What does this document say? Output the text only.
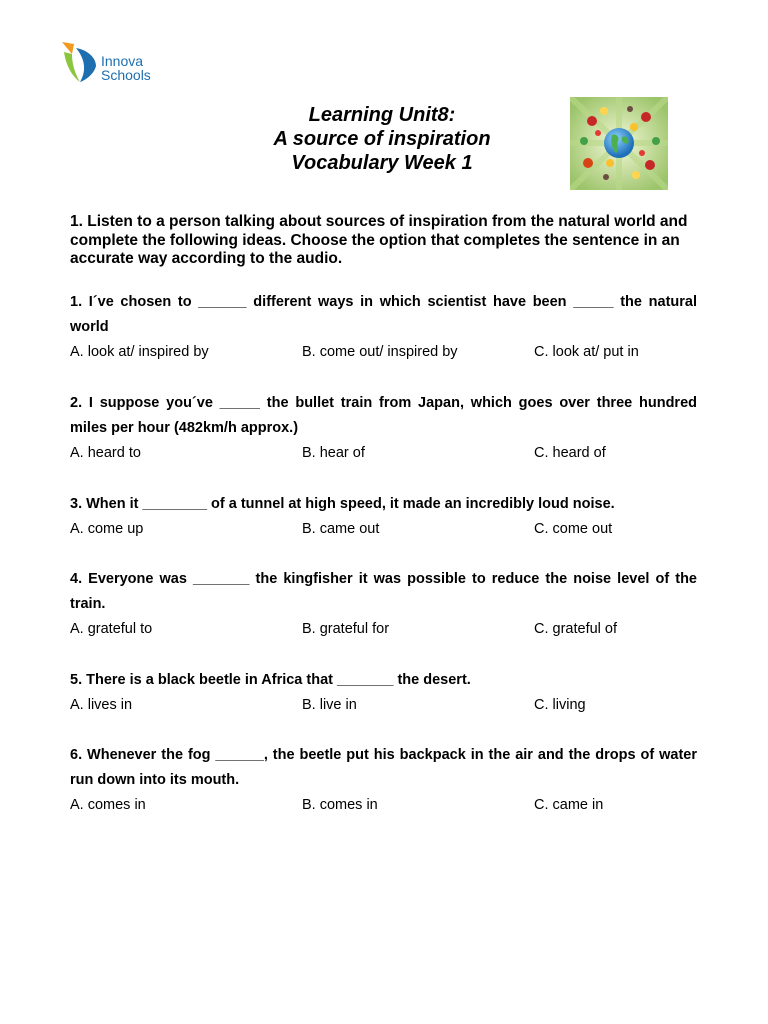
Innova
Schools
Learning Unit8:
A source of inspiration
Vocabulary Week 1
1. Listen to a person talking about sources of inspiration from the natural world and complete the following ideas. Choose the option that completes the sentence in an accurate way according to the audio.
1. I´ve chosen to ______ different ways in which scientist have been _____ the natural world
A. look at/ inspired by	B. come out/ inspired by	C. look at/ put in
2. I suppose you´ve _____ the bullet train from Japan, which goes over three hundred miles per hour (482km/h approx.)
A. heard to	B. hear of	C. heard of
3. When it ________ of a tunnel at high speed, it made an incredibly loud noise.
A. come up	B. came out	C. come out
4. Everyone was _______ the kingfisher it was possible to reduce the noise level of the train.
A. grateful to	B. grateful for	C. grateful of
5. There is a black beetle in Africa that _______ the desert.
A. lives in	B. live in	C. living
6. Whenever the fog ______, the beetle put his backpack in the air and the drops of water run down into its mouth.
A. comes in	B. comes in	C. came in
